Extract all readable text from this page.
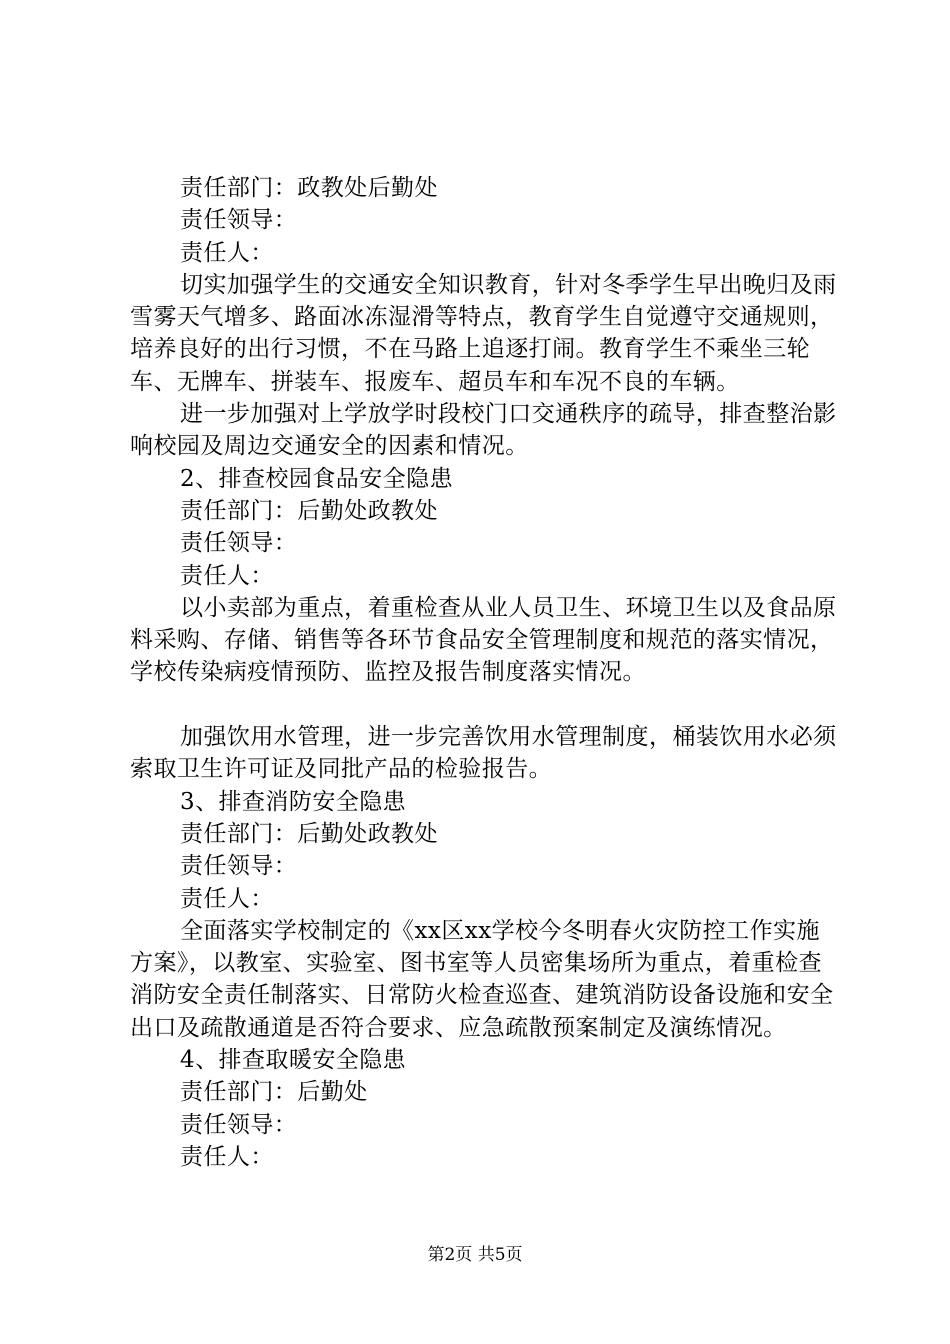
责任部门：政教处后勤处
责任领导：
责任人：

切实加强学生的交通安全知识教育，针对冬季学生早出晚归及雨雪雾天气增多、路面冰冻湿滑等特点，教育学生自觉遵守交通规则，培养良好的出行习惯，不在马路上追逐打闹。教育学生不乘坐三轮车、无牌车、拼装车、报废车、超员车和车况不良的车辆。

进一步加强对上学放学时段校门口交通秩序的疏导，排查整治影响校园及周边交通安全的因素和情况。

2、排查校园食品安全隐患
责任部门：后勤处政教处
责任领导：
责任人：

以小卖部为重点，着重检查从业人员卫生、环境卫生以及食品原料采购、存储、销售等各环节食品安全管理制度和规范的落实情况，学校传染病疫情预防、监控及报告制度落实情况。

加强饮用水管理，进一步完善饮用水管理制度，桶装饮用水必须索取卫生许可证及同批产品的检验报告。

3、排查消防安全隐患
责任部门：后勤处政教处
责任领导：
责任人：

全面落实学校制定的《xx区xx学校今冬明春火灾防控工作实施方案》，以教室、实验室、图书室等人员密集场所为重点，着重检查消防安全责任制落实、日常防火检查巡查、建筑消防设备设施和安全出口及疏散通道是否符合要求、应急疏散预案制定及演练情况。

4、排查取暖安全隐患
责任部门：后勤处
责任领导：
责任人：
第2页 共5页
